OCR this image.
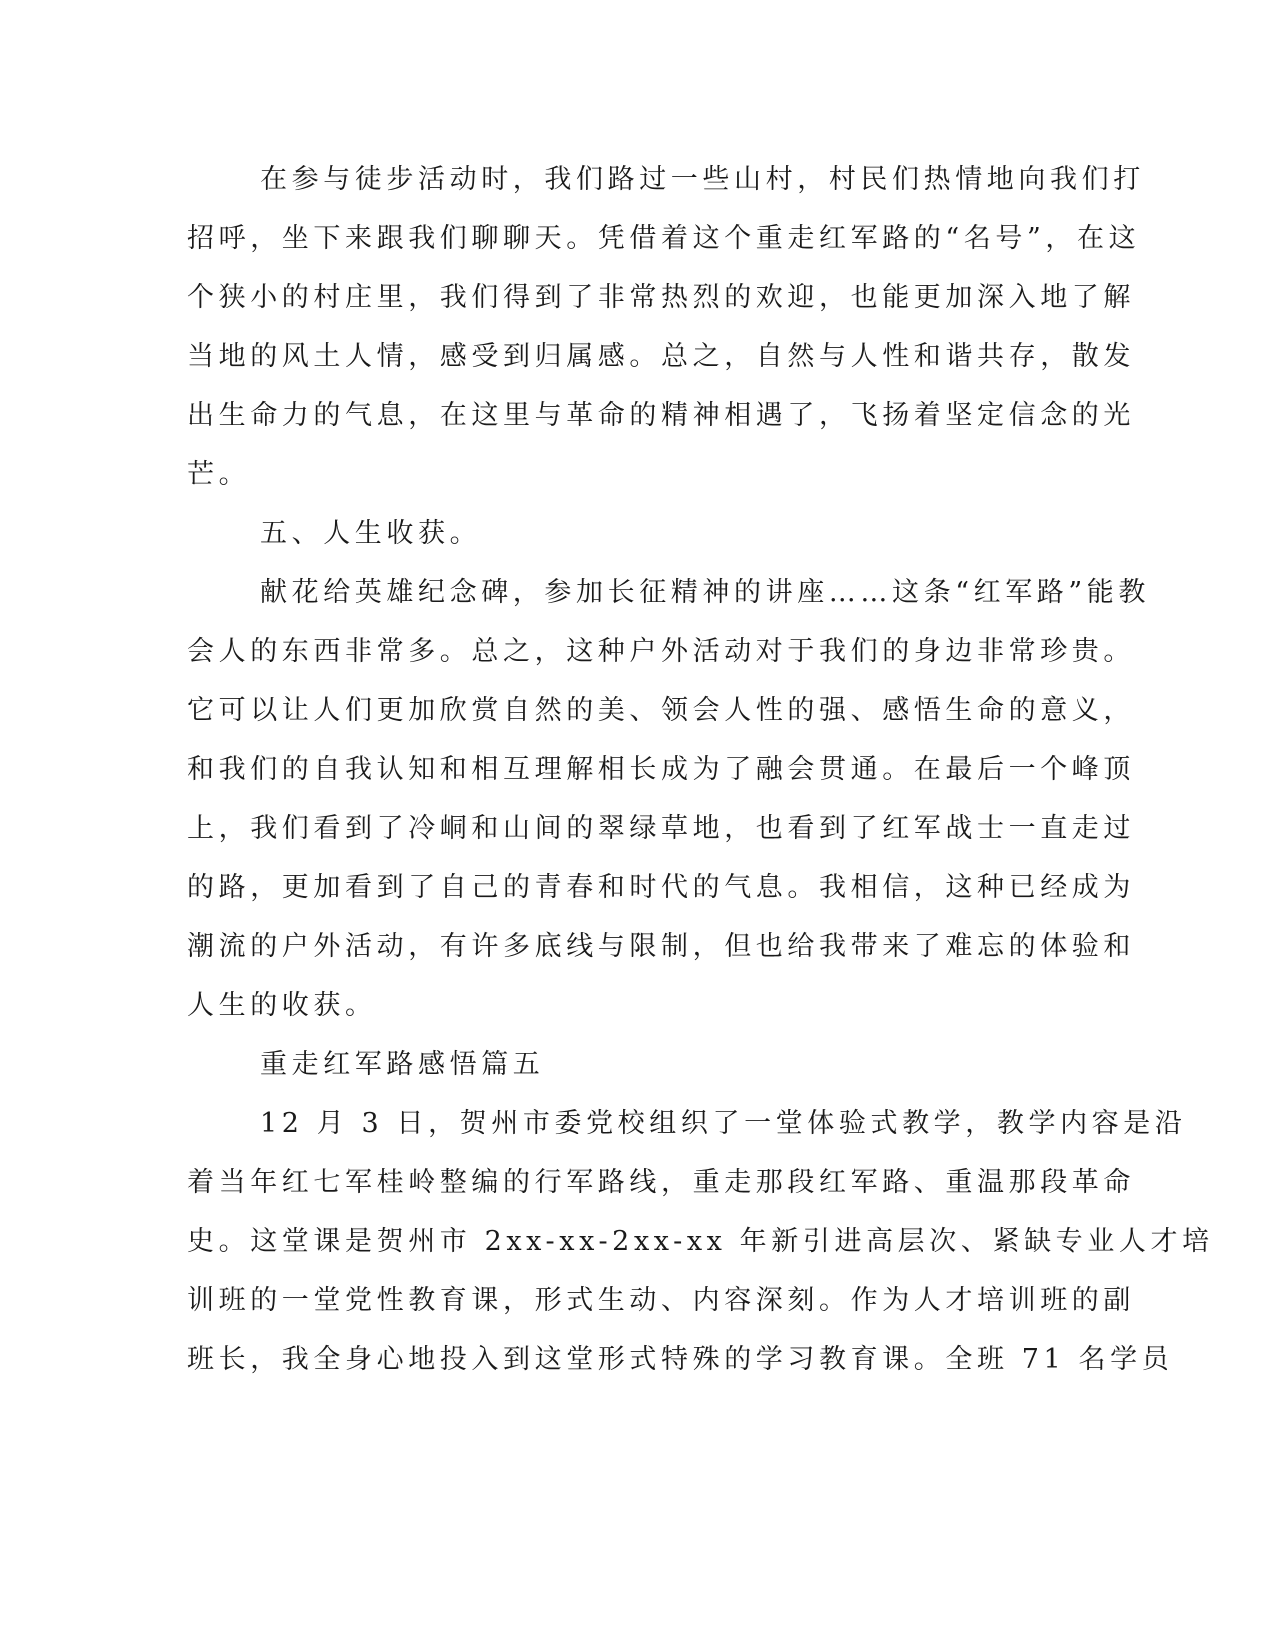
在参与徒步活动时，我们路过一些山村，村民们热情地向我们打

招呼，坐下来跟我们聊聊天。凭借着这个重走红军路的“名号”，在这

个狭小的村庄里，我们得到了非常热烈的欢迎，也能更加深入地了解

当地的风土人情，感受到归属感。总之，自然与人性和谐共存，散发

出生命力的气息，在这里与革命的精神相遇了，飞扬着坚定信念的光

芒。

五、人生收获。

献花给英雄纪念碑，参加长征精神的讲座……这条“红军路”能教

会人的东西非常多。总之，这种户外活动对于我们的身边非常珍贵。

它可以让人们更加欣赏自然的美、领会人性的强、感悟生命的意义，

和我们的自我认知和相互理解相长成为了融会贯通。在最后一个峰顶

上，我们看到了冷峒和山间的翠绿草地，也看到了红军战士一直走过

的路，更加看到了自己的青春和时代的气息。我相信，这种已经成为

潮流的户外活动，有许多底线与限制，但也给我带来了难忘的体验和

人生的收获。

重走红军路感悟篇五

12 月 3 日，贺州市委党校组织了一堂体验式教学，教学内容是沿

着当年红七军桂岭整编的行军路线，重走那段红军路、重温那段革命

史。这堂课是贺州市 2xx-xx-2xx-xx 年新引进高层次、紧缺专业人才培

训班的一堂党性教育课，形式生动、内容深刻。作为人才培训班的副

班长，我全身心地投入到这堂形式特殊的学习教育课。全班 71 名学员
